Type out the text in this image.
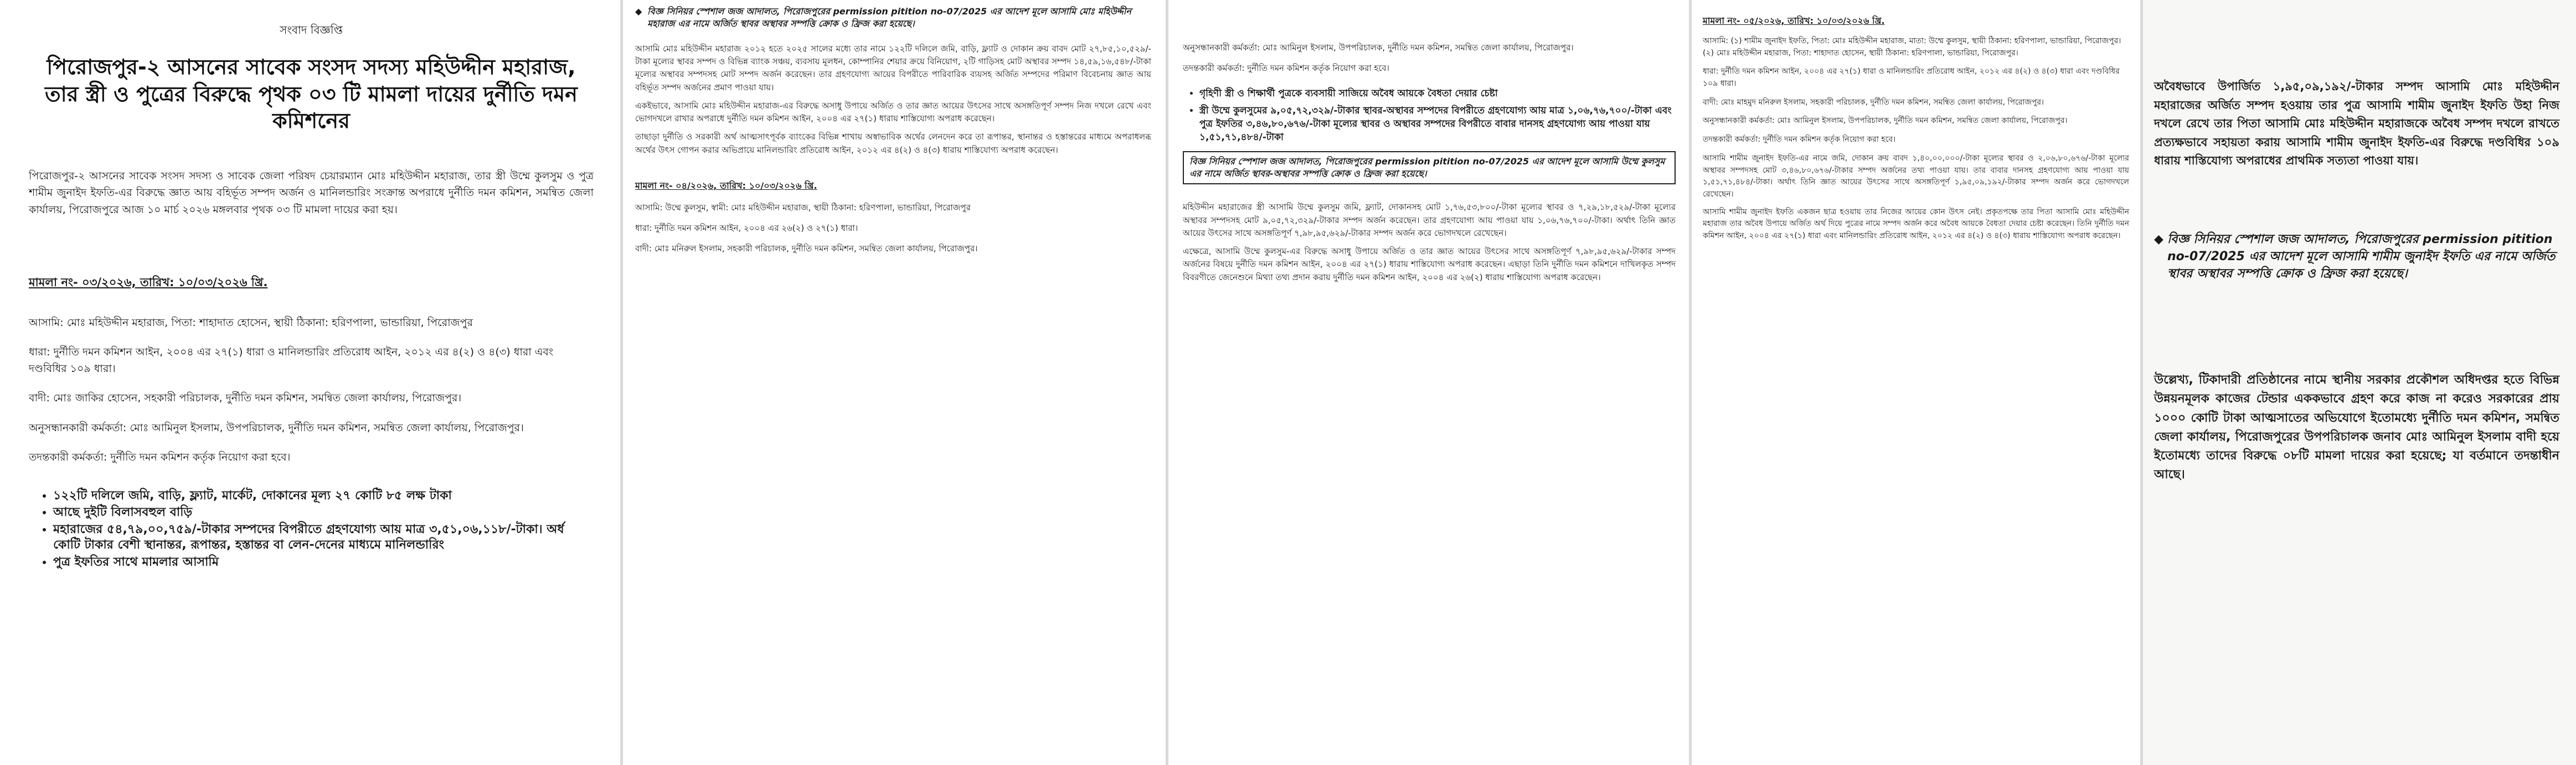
সংবাদ বিজ্ঞপ্তি
পিরোজপুর-২ আসনের সাবেক সংসদ সদস্য মহিউদ্দীন মহারাজ, তার স্ত্রী ও পুত্রের বিরুদ্ধে পৃথক ০৩ টি মামলা দায়ের দুর্নীতি দমন কমিশনের

পিরোজপুর-২ আসনের সাবেক সংসদ সদস্য ও সাবেক জেলা পরিষদ চেয়ারম্যান মোঃ মহিউদ্দীন মহারাজ, তার স্ত্রী উম্মে কুলসুম ও পুত্র শামীম জুনাইদ ইফতি-এর বিরুদ্ধে জ্ঞাত আয় বহির্ভূত সম্পদ অর্জন ও মানিলন্ডারিং সংক্রান্ত অপরাধে দুর্নীতি দমন কমিশন, সমন্বিত জেলা কার্যালয়, পিরোজপুরে আজ ১০ মার্চ ২০২৬ মঙ্গলবার পৃথক ০৩ টি মামলা দায়ের করা হয়।

মামলা নং- ০৩/২০২৬, তারিখ: ১০/০৩/২০২৬ খ্রি.

আসামি: মোঃ মহিউদ্দীন মহারাজ, পিতা: শাহাদাত হোসেন, স্থায়ী ঠিকানা: হরিণপালা, ভান্ডারিয়া, পিরোজপুর

ধারা: দুর্নীতি দমন কমিশন আইন, ২০০৪ এর ২৭(১) ধারা ও মানিলন্ডারিং প্রতিরোধ আইন, ২০১২ এর ৪(২) ও ৪(৩) ধারা এবং দণ্ডবিধির ১০৯ ধারা।

বাদী: মোঃ জাকির হোসেন, সহকারী পরিচালক, দুর্নীতি দমন কমিশন, সমন্বিত জেলা কার্যালয়, পিরোজপুর।

অনুসন্ধানকারী কর্মকর্তা: মোঃ আমিনুল ইসলাম, উপপরিচালক, দুর্নীতি দমন কমিশন, সমন্বিত জেলা কার্যালয়, পিরোজপুর।

তদন্তকারী কর্মকর্তা: দুর্নীতি দমন কমিশন কর্তৃক নিয়োগ করা হবে।

• ১২২টি দলিলে জমি, বাড়ি, ফ্ল্যাট, মার্কেট, দোকানের মূল্য ২৭ কোটি ৮৫ লক্ষ টাকা
• আছে দুইটি বিলাসবহুল বাড়ি
• মহারাজের ৫৪,৭৯,০০,৭৫৯/-টাকার সম্পদের বিপরীতে গ্রহণযোগ্য আয় মাত্র ৩,৫১,০৬,১১৮/-টাকা। অর্ধ কোটি টাকার বেশী স্থানান্তর, রূপান্তর, হস্তান্তর বা লেন-দেনের মাধ্যমে মানিলন্ডারিং
• পুত্র ইফতির সাথে মামলার আসামি
◆ বিজ্ঞ সিনিয়র স্পেশাল জজ আদালত, পিরোজপুরের permission pitition no-07/2025 এর আদেশ মূলে আসামি মোঃ মহিউদ্দীন মহারাজ এর নামে অর্জিত স্থাবর অস্থাবর সম্পত্তি ক্রোক ও ফ্রিজ করা হয়েছে।

আসামি মোঃ মহিউদ্দীন মহারাজ ২০১২ হতে ২০২৫ সালের মধ্যে তার নামে ১২২টি দলিলে জমি, বাড়ি, ফ্ল্যাট ও দোকান ক্রয় বাবদ মোট ২৭,৮৫,১০,৫২৯/-টাকা মূল্যের স্থাবর সম্পদ ও বিভিন্ন ব্যাংক সঞ্চয়, ব্যবসায় মূলধন, কোম্পানির শেয়ার ক্রয়ে বিনিয়োগ, ২টি গাড়িসহ মোট অস্থাবর সম্পদ ১৪,৫৯,১৬,৫৪৮/-টাকা মূল্যের অস্থাবর সম্পদসহ মোট সম্পদ অর্জন করেছেন। তার গ্রহণযোগ্য আয়ের বিপরীতে পারিবারিক ব্যয়সহ অর্জিত সম্পদের পরিমাণ বিবেচনায় জ্ঞাত আয় বহির্ভূত সম্পদ অর্জনের প্রমাণ পাওয়া যায়।

একইভাবে, আসামি মোঃ মহিউদ্দীন মহারাজ-এর বিরুদ্ধে অসাধু উপায়ে অর্জিত ও তার জ্ঞাত আয়ের উৎসের সাথে অসঙ্গতিপূর্ণ সম্পদ নিজ দখলে রেখে এবং ভোগদখলে রাখার অপরাধে দুর্নীতি দমন কমিশন আইন, ২০০৪ এর ২৭(১) ধারায় শাস্তিযোগ্য অপরাধ করেছেন।

তাছাড়া দুর্নীতি ও সরকারী অর্থ আত্মসাৎপূর্বক ব্যাংকের বিভিন্ন শাখায় অস্বাভাবিক অর্থের লেনদেন করে তা রূপান্তর, স্থানান্তর ও হস্তান্তরের মাধ্যমে অপরাধলব্ধ অর্থের উৎস গোপন করার অভিপ্রায়ে মানিলন্ডারিং প্রতিরোধ আইন, ২০১২ এর ৪(২) ও ৪(৩) ধারায় শাস্তিযোগ্য অপরাধ করেছেন।

মামলা নং- ০৪/২০২৬, তারিখ: ১০/০৩/২০২৬ খ্রি.

আসামি: উম্মে কুলসুম, স্বামী: মোঃ মহিউদ্দীন মহারাজ, স্থায়ী ঠিকানা: হরিণপালা, ভান্ডারিয়া, পিরোজপুর

ধারা: দুর্নীতি দমন কমিশন আইন, ২০০৪ এর ২৬(২) ও ২৭(১) ধারা।

বাদী: মোঃ মনিরুল ইসলাম, সহকারী পরিচালক, দুর্নীতি দমন কমিশন, সমন্বিত জেলা কার্যালয়, পিরোজপুর।

অনুসন্ধানকারী কর্মকর্তা: মোঃ আমিনুল ইসলাম, উপপরিচালক, দুর্নীতি দমন কমিশন, সমন্বিত জেলা কার্যালয়, পিরোজপুর।

তদন্তকারী কর্মকর্তা: দুর্নীতি দমন কমিশন কর্তৃক নিয়োগ করা হবে।

• গৃহিণী স্ত্রী ও শিক্ষার্থী পুত্রকে ব্যবসায়ী সাজিয়ে অবৈধ আয়কে বৈধতা দেয়ার চেষ্টা
• স্ত্রী উম্মে কুলসুমের ৯,০৫,৭২,৩২৯/-টাকার স্থাবর-অস্থাবর সম্পদের বিপরীতে গ্রহণযোগ্য আয় মাত্র ১,০৬,৭৬,৭০০/-টাকা এবং পুত্র ইফতির ৩,৪৬,৮০,৬৭৬/-টাকা মূল্যের স্থাবর ও অস্থাবর সম্পদের বিপরীতে বাবার দানসহ গ্রহণযোগ্য আয় পাওয়া যায় ১,৫১,৭১,৪৮৪/-টাকা
বিজ্ঞ সিনিয়র স্পেশাল জজ আদালত, পিরোজপুরের permission pitition no-07/2025 এর আদেশ মূলে আসামি উম্মে কুলসুম এর নামে অর্জিত স্থাবর-অস্থাবর সম্পত্তি ক্রোক ও ফ্রিজ করা হয়েছে।

মহিউদ্দীন মহারাজের স্ত্রী আসামি উম্মে কুলসুম জমি, ফ্ল্যাট, দোকানসহ মোট ১,৭৬,৫৩,৮০০/-টাকা মূল্যের স্থাবর ও ৭,২৯,১৮,৫২৯/-টাকা মূল্যের অস্থাবর সম্পদসহ মোট ৯,০৫,৭২,৩২৯/-টাকার সম্পদ অর্জন করেছেন। তার গ্রহণযোগ্য আয় পাওয়া যায় ১,০৬,৭৬,৭০০/-টাকা। অর্থাৎ তিনি জ্ঞাত আয়ের উৎসের সাথে অসঙ্গতিপূর্ণ ৭,৯৮,৯৫,৬২৯/-টাকার সম্পদ অর্জন করে ভোগদখলে রেখেছেন।

এক্ষেত্রে, আসামি উম্মে কুলসুম-এর বিরুদ্ধে অসাধু উপায়ে অর্জিত ও তার জ্ঞাত আয়ের উৎসের সাথে অসঙ্গতিপূর্ণ ৭,৯৮,৯৫,৬২৯/-টাকার সম্পদ অর্জনের বিষয়ে দুর্নীতি দমন কমিশন আইন, ২০০৪ এর ২৭(১) ধারায় শাস্তিযোগ্য অপরাধ করেছেন। এছাড়া তিনি দুর্নীতি দমন কমিশনে দাখিলকৃত সম্পদ বিবরণীতে জেনেশুনে মিথ্যা তথ্য প্রদান করায় দুর্নীতি দমন কমিশন আইন, ২০০৪ এর ২৬(২) ধারায় শাস্তিযোগ্য অপরাধ করেছেন।

মামলা নং- ০৫/২০২৬, তারিখ: ১০/০৩/২০২৬ খ্রি.

আসামি: (১) শামীম জুনাইদ ইফতি, পিতা: মোঃ মহিউদ্দীন মহারাজ, মাতা: উম্মে কুলসুম, স্থায়ী ঠিকানা: হরিণপালা, ভান্ডারিয়া, পিরোজপুর। (২) মোঃ মহিউদ্দীন মহারাজ, পিতা: শাহাদাত হোসেন, স্থায়ী ঠিকানা: হরিণপালা, ভান্ডারিয়া, পিরোজপুর।

ধারা: দুর্নীতি দমন কমিশন আইন, ২০০৪ এর ২৭(১) ধারা ও মানিলন্ডারিং প্রতিরোধ আইন, ২০১২ এর ৪(২) ও ৪(৩) ধারা এবং দণ্ডবিধির ১০৯ ধারা।

বাদী: মোঃ মাহমুদ মনিরুল ইসলাম, সহকারী পরিচালক, দুর্নীতি দমন কমিশন, সমন্বিত জেলা কার্যালয়, পিরোজপুর।

অনুসন্ধানকারী কর্মকর্তা: মোঃ আমিনুল ইসলাম, উপপরিচালক, দুর্নীতি দমন কমিশন, সমন্বিত জেলা কার্যালয়, পিরোজপুর।

তদন্তকারী কর্মকর্তা: দুর্নীতি দমন কমিশন কর্তৃক নিয়োগ করা হবে।

আসামি শামীম জুনাইদ ইফতি-এর নামে জমি, দোকান ক্রয় বাবদ ১,৪০,০০,০০০/-টাকা মূল্যের স্থাবর ও ২,০৬,৮০,৬৭৬/-টাকা মূল্যের অস্থাবর সম্পদসহ মোট ৩,৪৬,৮০,৬৭৬/-টাকার সম্পদ অর্জনের তথ্য পাওয়া যায়। তার বাবার দানসহ গ্রহণযোগ্য আয় পাওয়া যায় ১,৫১,৭১,৪৮৪/-টাকা। অর্থাৎ তিনি জ্ঞাত আয়ের উৎসের সাথে অসঙ্গতিপূর্ণ ১,৯৫,০৯,১৯২/-টাকার সম্পদ অর্জন করে ভোগদখলে রেখেছেন।

আসামি শামীম জুনাইদ ইফতি একজন ছাত্র হওয়ায় তার নিজের আয়ের কোন উৎস নেই। প্রকৃতপক্ষে তার পিতা আসামি মোঃ মহিউদ্দীন মহারাজ তার অবৈধ উপায়ে অর্জিত অর্থ দিয়ে পুত্রের নামে সম্পদ অর্জন করে অবৈধ আয়কে বৈধতা দেয়ার চেষ্টা করেছেন। তিনি দুর্নীতি দমন কমিশন আইন, ২০০৪ এর ২৭(১) ধারা এবং মানিলন্ডারিং প্রতিরোধ আইন, ২০১২ এর ৪(২) ও ৪(৩) ধারায় শাস্তিযোগ্য অপরাধ করেছেন।

অবৈধভাবে উপার্জিত ১,৯৫,০৯,১৯২/-টাকার সম্পদ আসামি মোঃ মহিউদ্দীন মহারাজের অর্জিত সম্পদ হওয়ায় তার পুত্র আসামি শামীম জুনাইদ ইফতি উহা নিজ দখলে রেখে তার পিতা আসামি মোঃ মহিউদ্দীন মহারাজকে অবৈধ সম্পদ দখলে রাখতে প্রত্যক্ষভাবে সহায়তা করায় আসামি শামীম জুনাইদ ইফতি-এর বিরুদ্ধে দণ্ডবিধির ১০৯ ধারায় শাস্তিযোগ্য অপরাধের প্রাথমিক সত্যতা পাওয়া যায়।

◆ বিজ্ঞ সিনিয়র স্পেশাল জজ আদালত, পিরোজপুরের permission pitition no-07/2025 এর আদেশ মূলে আসামি শামীম জুনাইদ ইফতি এর নামে অর্জিত স্থাবর অস্থাবর সম্পত্তি ক্রোক ও ফ্রিজ করা হয়েছে।

উল্লেখ্য, টিকাদারী প্রতিষ্ঠানের নামে স্থানীয় সরকার প্রকৌশল অধিদপ্তর হতে বিভিন্ন উন্নয়নমূলক কাজের টেন্ডার এককভাবে গ্রহণ করে কাজ না করেও সরকারের প্রায় ১০০০ কোটি টাকা আত্মসাতের অভিযোগে ইতোমধ্যে দুর্নীতি দমন কমিশন, সমন্বিত জেলা কার্যালয়, পিরোজপুরের উপপরিচালক জনাব মোঃ আমিনুল ইসলাম বাদী হয়ে ইতোমধ্যে তাদের বিরুদ্ধে ০৮টি মামলা দায়ের করা হয়েছে; যা বর্তমানে তদন্তাধীন আছে।
